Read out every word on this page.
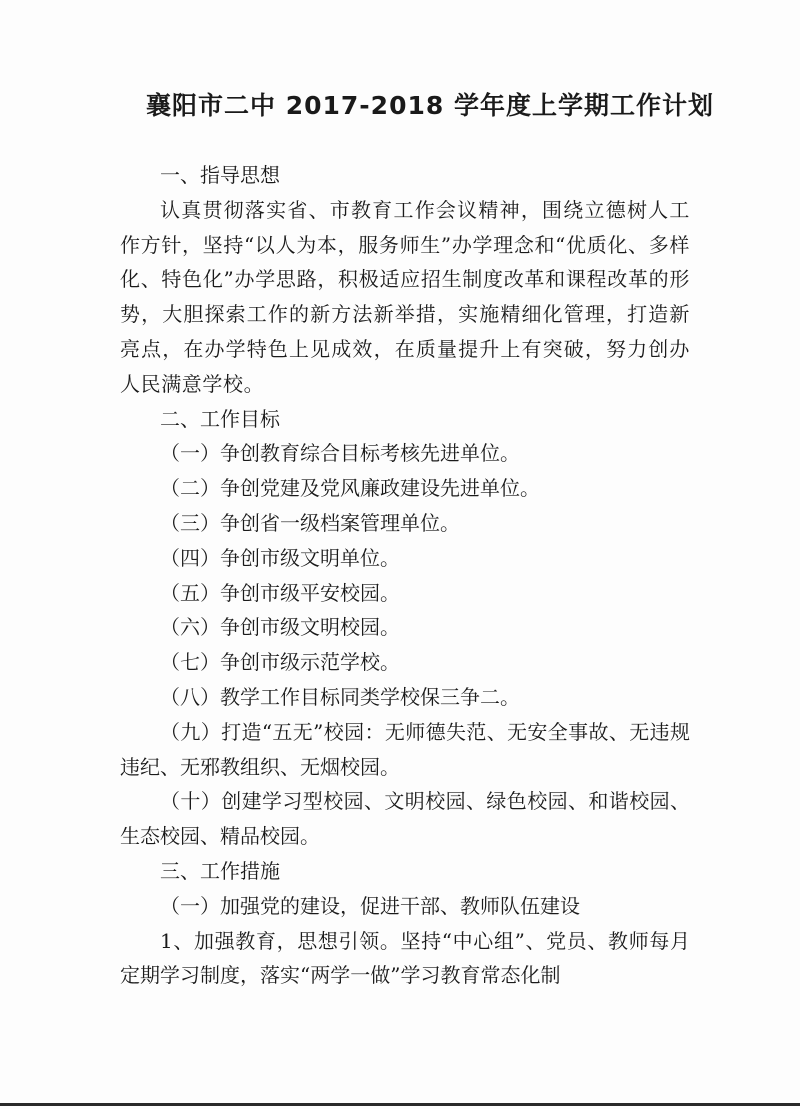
襄阳市二中 2017-2018 学年度上学期工作计划

一、指导思想

认真贯彻落实省、市教育工作会议精神，围绕立德树人工作方针，坚持“以人为本，服务师生”办学理念和“优质化、多样化、特色化”办学思路，积极适应招生制度改革和课程改革的形势，大胆探索工作的新方法新举措，实施精细化管理，打造新亮点，在办学特色上见成效，在质量提升上有突破，努力创办人民满意学校。

二、工作目标

（一）争创教育综合目标考核先进单位。

（二）争创党建及党风廉政建设先进单位。

（三）争创省一级档案管理单位。

（四）争创市级文明单位。

（五）争创市级平安校园。

（六）争创市级文明校园。

（七）争创市级示范学校。

（八）教学工作目标同类学校保三争二。

（九）打造“五无”校园：无师德失范、无安全事故、无违规违纪、无邪教组织、无烟校园。

（十）创建学习型校园、文明校园、绿色校园、和谐校园、生态校园、精品校园。

三、工作措施

（一）加强党的建设，促进干部、教师队伍建设

1、加强教育，思想引领。坚持“中心组”、党员、教师每月定期学习制度，落实“两学一做”学习教育常态化制
